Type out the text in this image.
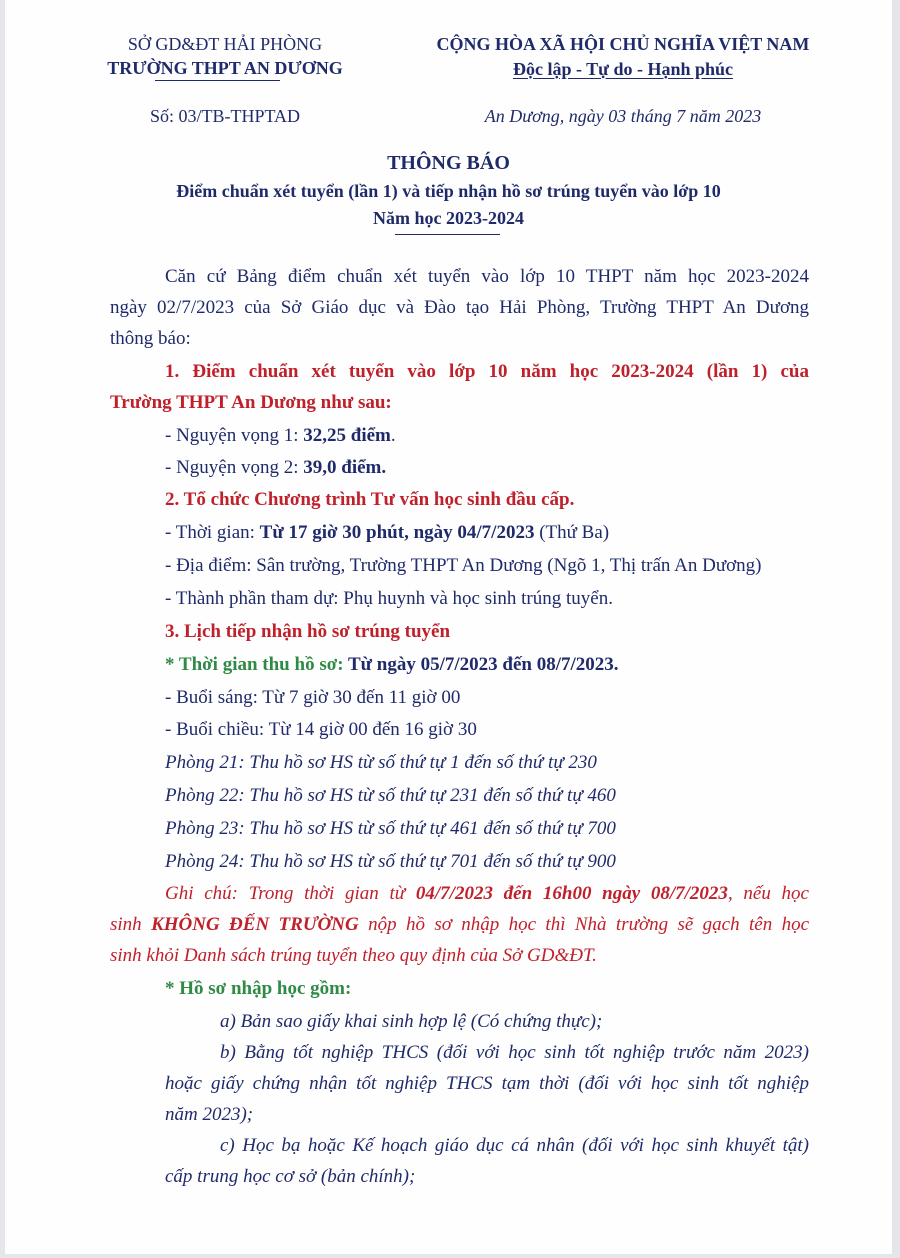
SỞ GD&ĐT HẢI PHÒNG
TRƯỜNG THPT AN DƯƠNG
Số: 03/TB-THPTAD
CỘNG HÒA XÃ HỘI CHỦ NGHĨA VIỆT NAM
Độc lập - Tự do - Hạnh phúc
An Dương, ngày 03 tháng 7 năm 2023
THÔNG BÁO
Điểm chuẩn xét tuyển (lần 1) và tiếp nhận hồ sơ trúng tuyển vào lớp 10
Năm học 2023-2024
Căn cứ Bảng điểm chuẩn xét tuyển vào lớp 10 THPT năm học 2023-2024
ngày 02/7/2023 của Sở Giáo dục và Đào tạo Hải Phòng, Trường THPT An Dương
thông báo:
1. Điểm chuẩn xét tuyển vào lớp 10 năm học 2023-2024 (lần 1) của
Trường THPT An Dương như sau:
- Nguyện vọng 1: 32,25 điểm.
- Nguyện vọng 2: 39,0 điểm.
2. Tổ chức Chương trình Tư vấn học sinh đầu cấp.
- Thời gian: Từ 17 giờ 30 phút, ngày 04/7/2023 (Thứ Ba)
- Địa điểm: Sân trường, Trường THPT An Dương (Ngõ 1, Thị trấn An Dương)
- Thành phần tham dự: Phụ huynh và học sinh trúng tuyển.
3. Lịch tiếp nhận hồ sơ trúng tuyển
* Thời gian thu hồ sơ: Từ ngày 05/7/2023 đến 08/7/2023.
- Buổi sáng: Từ 7 giờ 30 đến 11 giờ 00
- Buổi chiều: Từ 14 giờ 00 đến 16 giờ 30
Phòng 21: Thu hồ sơ HS từ số thứ tự 1 đến số thứ tự 230
Phòng 22: Thu hồ sơ HS từ số thứ tự 231 đến số thứ tự 460
Phòng 23: Thu hồ sơ HS từ số thứ tự 461 đến số thứ tự 700
Phòng 24: Thu hồ sơ HS từ số thứ tự 701 đến số thứ tự 900
Ghi chú: Trong thời gian từ 04/7/2023 đến 16h00 ngày 08/7/2023, nếu học
sinh KHÔNG ĐẾN TRƯỜNG nộp hồ sơ nhập học thì Nhà trường sẽ gạch tên học
sinh khỏi Danh sách trúng tuyển theo quy định của Sở GD&ĐT.
* Hồ sơ nhập học gồm:
a) Bản sao giấy khai sinh hợp lệ (Có chứng thực);
b) Bằng tốt nghiệp THCS (đối với học sinh tốt nghiệp trước năm 2023)
hoặc giấy chứng nhận tốt nghiệp THCS tạm thời (đối với học sinh tốt nghiệp
năm 2023);
c) Học bạ hoặc Kế hoạch giáo dục cá nhân (đối với học sinh khuyết tật)
cấp trung học cơ sở (bản chính);
